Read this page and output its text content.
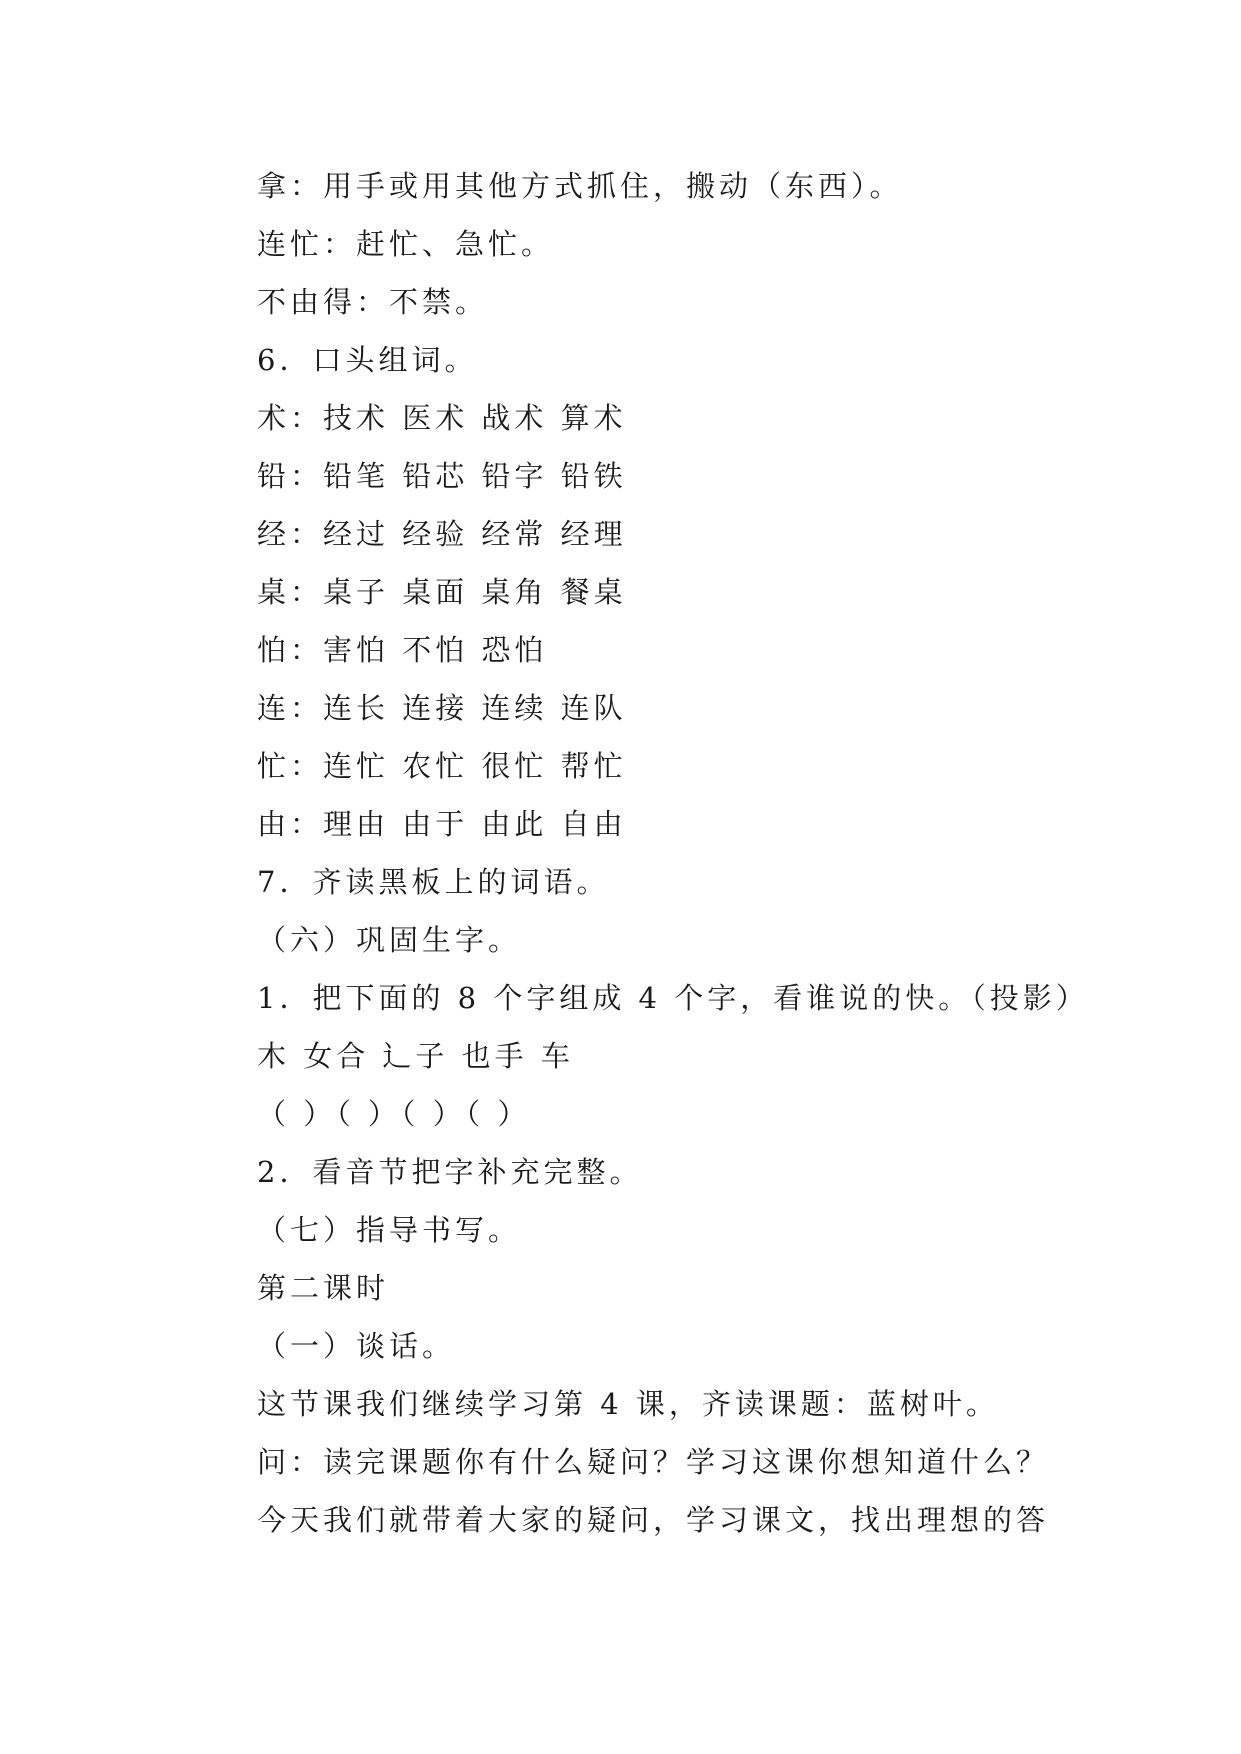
拿：用手或用其他方式抓住，搬动（东西）。
连忙：赶忙、急忙。
不由得：不禁。
6．口头组词。
术：技术 医术 战术 算术
铅：铅笔 铅芯 铅字 铅铁
经：经过 经验 经常 经理
桌：桌子 桌面 桌角 餐桌
怕：害怕 不怕 恐怕
连：连长 连接 连续 连队
忙：连忙 农忙 很忙 帮忙
由：理由 由于 由此 自由
7．齐读黑板上的词语。
（六）巩固生字。
1．把下面的 8 个字组成 4 个字，看谁说的快。（投影）
木 女合 辶子 也手 车
（ ）（ ）（ ）（ ）
2．看音节把字补充完整。
（七）指导书写。
第二课时
（一）谈话。
这节课我们继续学习第 4 课，齐读课题：蓝树叶。
问：读完课题你有什么疑问？学习这课你想知道什么？
今天我们就带着大家的疑问，学习课文，找出理想的答
